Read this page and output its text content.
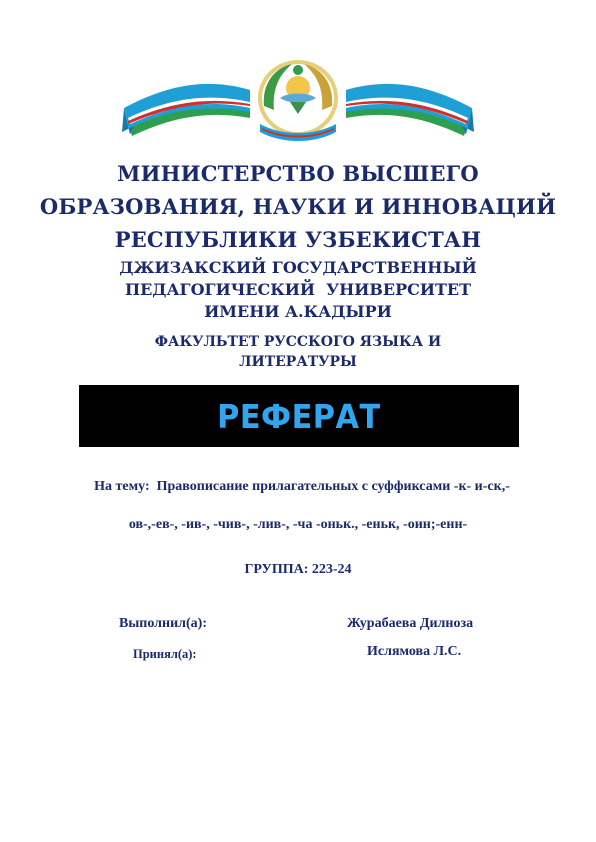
МИНИСТЕРСТВО ВЫСШЕГО
ОБРАЗОВАНИЯ, НАУКИ И ИННОВАЦИЙ
РЕСПУБЛИКИ УЗБЕКИСТАН
ДЖИЗАКСКИЙ ГОСУДАРСТВЕННЫЙ
ПЕДАГОГИЧЕСКИЙ  УНИВЕРСИТЕТ
ИМЕНИ А.КАДЫРИ
ФАКУЛЬТЕТ РУССКОГО ЯЗЫКА И
ЛИТЕРАТУРЫ
РЕФЕРАТ
На тему:  Правописание прилагательных с суффиксами -к- и-ск,-
ов-,-ев-, -ив-, -чив-, -лив-, -ча -оньк., -еньк, -оин;-енн-
ГРУППА: 223-24
Выполнил(а):	Журабаева Дилноза
Принял(а):	Ислямова Л.С.
